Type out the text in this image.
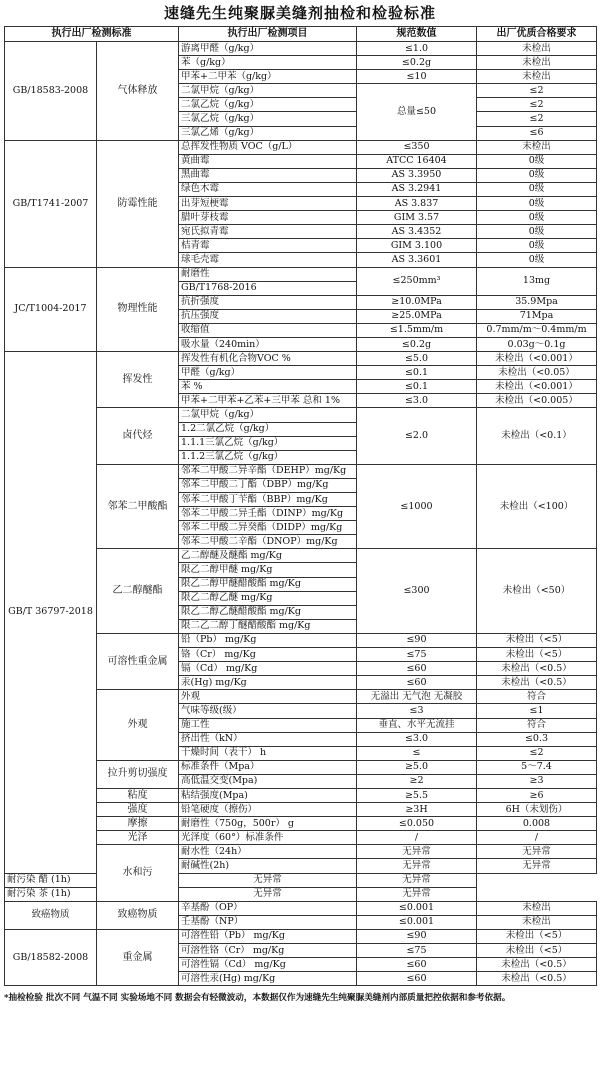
速缝先生纯聚脲美缝剂抽检和检验标准
执行出厂检测标准		执行出厂检测项目	规范数值	出厂优质合格要求
GB/18583-2008	气体释放	游离甲醛（g/kg）	≤1.0	未检出
		苯（g/kg）	≤0.2g	未检出
		甲苯+二甲苯（g/kg）	≤10	未检出
		二氯甲烷（g/kg）	总量≤50	≤2
		二氯乙烷（g/kg）		≤2
		三氯乙烷（g/kg）		≤2
		三氯乙烯（g/kg）		≤6
GB/T1741-2007	防霉性能	总挥发性物质 VOC（g/L）	≤350	未检出
		黄曲霉	ATCC 16404	0级
		黑曲霉	AS 3.3950	0级
		绿色木霉	AS 3.2941	0级
		出芽短梗霉	AS 3.837	0级
		腊叶芽枝霉	GIM 3.57	0级
		宛氏拟青霉	AS 3.4352	0级
		桔青霉	GIM 3.100	0级
		球毛壳霉	AS 3.3601	0级
JC/T1004-2017	物理性能	耐磨性	≤250mm³	13mg
		GB/T1768-2016		
		抗折强度	≥10.0MPa	35.9Mpa
		抗压强度	≥25.0MPa	71Mpa
		收缩值	≤1.5mm/m	0.7mm/m～0.4mm/m
		吸水量（240min）	≤0.2g	0.03g～0.1g
GB/T 36797-2018	挥发性	挥发性有机化合物VOC %	≤5.0	未检出（<0.001）
		甲醛（g/kg）	≤0.1	未检出（<0.05）
		苯 %	≤0.1	未检出（<0.001）
		甲苯+二甲苯+乙苯+三甲苯 总和 1%	≤3.0	未检出（<0.005）
	卤代烃	二氯甲烷（g/kg）	≤2.0	未检出（<0.1）
		1.2二氯乙烷（g/kg）		
		1.1.1三氯乙烷（g/kg）		
		1.1.2三氯乙烷（g/kg）		
	邻苯二甲酸酯	邻苯二甲酸二异辛酯（DEHP）mg/Kg	≤1000	未检出（<100）
		邻苯二甲酸二丁酯（DBP）mg/Kg		
		邻苯二甲酸丁苄酯（BBP）mg/Kg		
		邻苯二甲酸二异壬酯（DINP）mg/Kg		
		邻苯二甲酸二异癸酯（DIDP）mg/Kg		
		邻苯二甲酸二辛酯（DNOP）mg/Kg		
	乙二醇醚酯	乙二醇醚及醚酯 mg/Kg	≤300	未检出（<50）
		限乙二醇甲醚 mg/Kg		
		限乙二醇甲醚醋酸酯 mg/Kg		
		限乙二醇乙醚 mg/Kg		
		限乙二醇乙醚醋酸酯 mg/Kg		
		限二乙二醇丁醚醋酸酯 mg/Kg		
	可溶性重金属	铅（Pb） mg/Kg	≤90	未检出（<5）
		铬（Cr） mg/Kg	≤75	未检出（<5）
		镉（Cd） mg/Kg	≤60	未检出（<0.5）
		汞(Hg) mg/Kg	≤60	未检出（<0.5）
	外观	外观	无溢出 无气泡 无凝胶	符合
		气味等级(级）	≤3	≤1
		施工性	垂直、水平无流挂	符合
		挤出性（kN）	≤3.0	≤0.3
		干燥时间（表干） h	≤	≤2
	拉升剪切强度	标准条件（Mpa）	≥5.0	5～7.4
		高低温交变(Mpa)	≥2	≥3
	粘度	粘结强度(Mpa)	≥5.5	≥6
	强度	铅笔硬度（擦伤）	≥3H	6H（未划伤）
	摩擦	耐磨性（750g，500r） g	≤0.050	0.008
	光泽	光泽度（60°）标准条件	/	/
	水和污	耐水性（24h）	无异常	无异常
		耐碱性(2h)	无异常	无异常
耐污染 醋 (1h)		无异常	无异常	
耐污染 茶 (1h)		无异常	无异常	
致癌物质	致癌物质	辛基酚（OP）	≤0.001	未检出
		壬基酚（NP）	≤0.001	未检出
GB/18582-2008	重金属	可溶性铅（Pb） mg/Kg	≤90	未检出（<5）
		可溶性铬（Cr） mg/Kg	≤75	未检出（<5）
		可溶性镉（Cd） mg/Kg	≤60	未检出（<0.5）
		可溶性汞(Hg) mg/Kg	≤60	未检出（<0.5）
*抽检检验 批次不同 气温不同 实验场地不同 数据会有轻微波动，本数据仅作为速缝先生纯聚脲美缝剂内部质量把控依据和参考依据。
